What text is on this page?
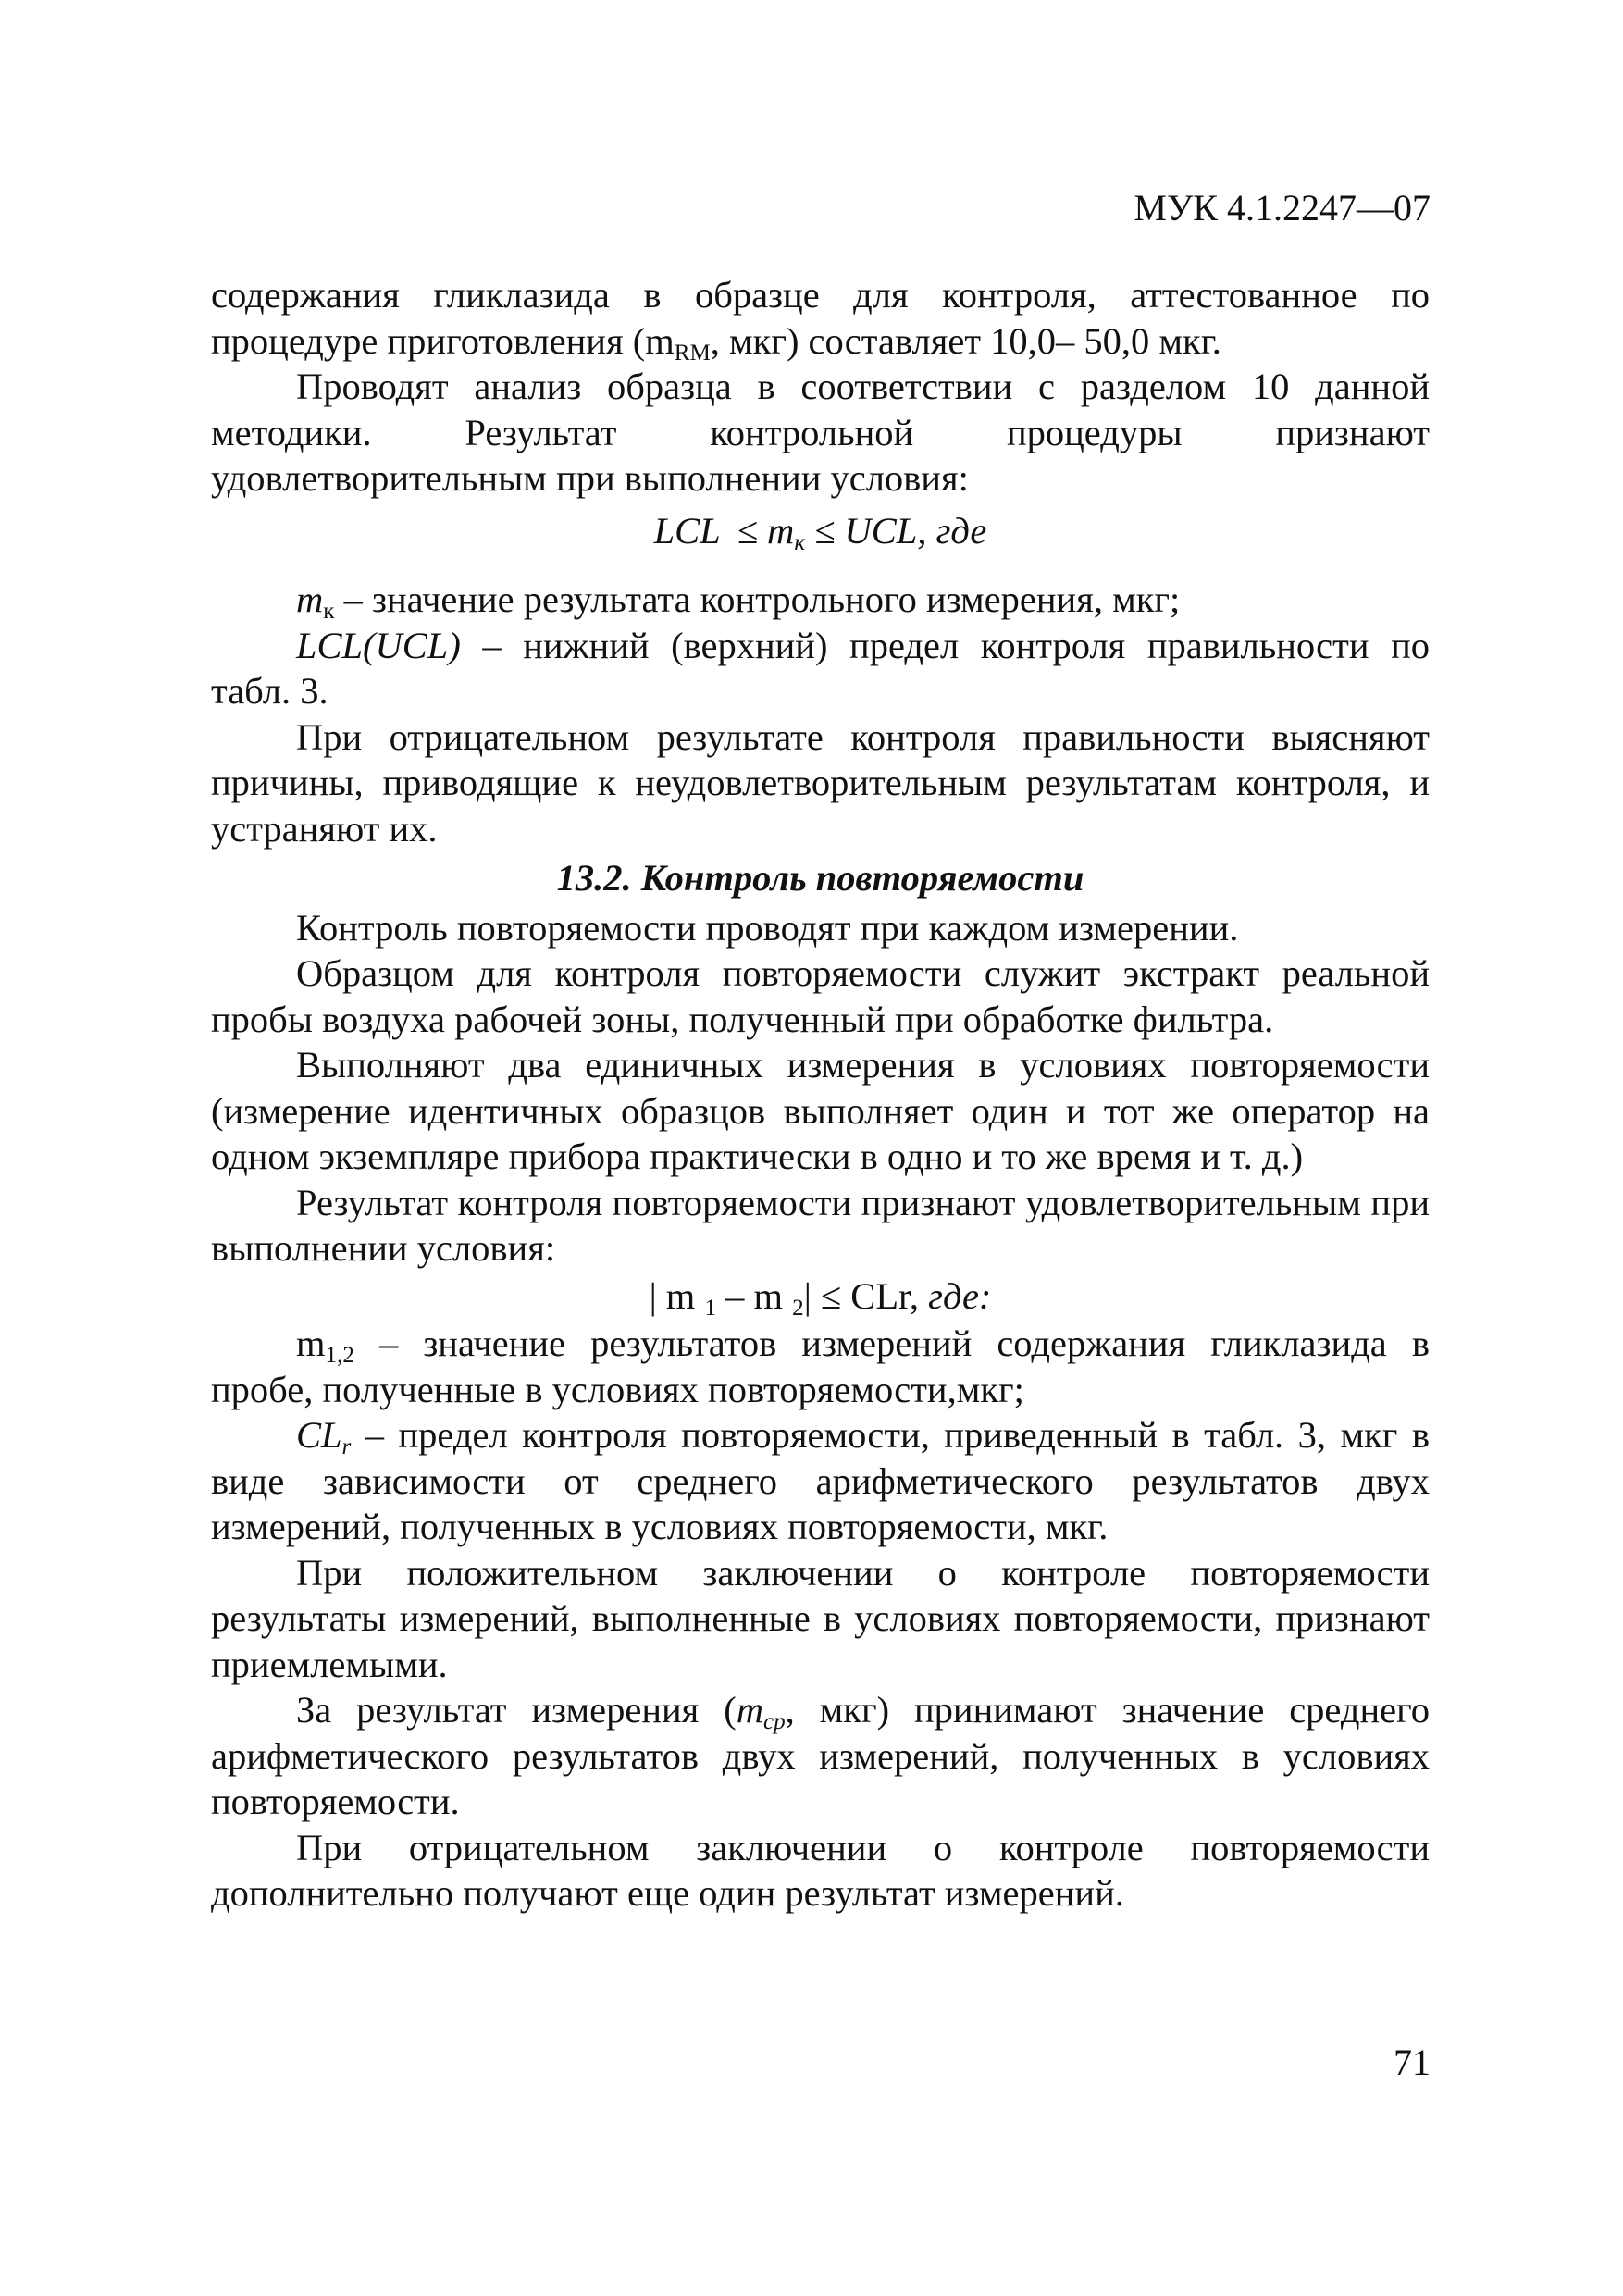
МУК 4.1.2247—07

содержания гликлазида в образце для контроля, аттестованное по процедуре приготовления ($m_{RM}$, мкг) составляет 10,0– 50,0 мкг.

Проводят анализ образца в соответствии с разделом 10 данной методики. Результат контрольной процедуры признают удовлетворительным при выполнении условия:

LCL ≤ $m_к$ ≤ UCL, где

$m_к$ – значение результата контрольного измерения, мкг;

LCL(UCL) – нижний (верхний) предел контроля правильности по табл. 3.

При отрицательном результате контроля правильности выясняют причины, приводящие к неудовлетворительным результатам контроля, и устраняют их.

13.2. Контроль повторяемости

Контроль повторяемости проводят при каждом измерении.

Образцом для контроля повторяемости служит экстракт реальной пробы воздуха рабочей зоны, полученный при обработке фильтра.

Выполняют два единичных измерения в условиях повторяемости (измерение идентичных образцов выполняет один и тот же оператор на одном экземпляре прибора практически в одно и то же время и т. д.)

Результат контроля повторяемости признают удовлетворительным при выполнении условия:

| m $_1$ – m $_2$| ≤ CLr, где:

$m_{1,2}$ – значение результатов измерений содержания гликлазида в пробе, полученные в условиях повторяемости,мкг;

$CL_r$ – предел контроля повторяемости, приведенный в табл. 3, мкг в виде зависимости от среднего арифметического результатов двух измерений, полученных в условиях повторяемости, мкг.

При положительном заключении о контроле повторяемости результаты измерений, выполненные в условиях повторяемости, признают приемлемыми.

За результат измерения ($m_{ср}$, мкг) принимают значение среднего арифметического результатов двух измерений, полученных в условиях повторяемости.

При отрицательном заключении о контроле повторяемости дополнительно получают еще один результат измерений.

71
